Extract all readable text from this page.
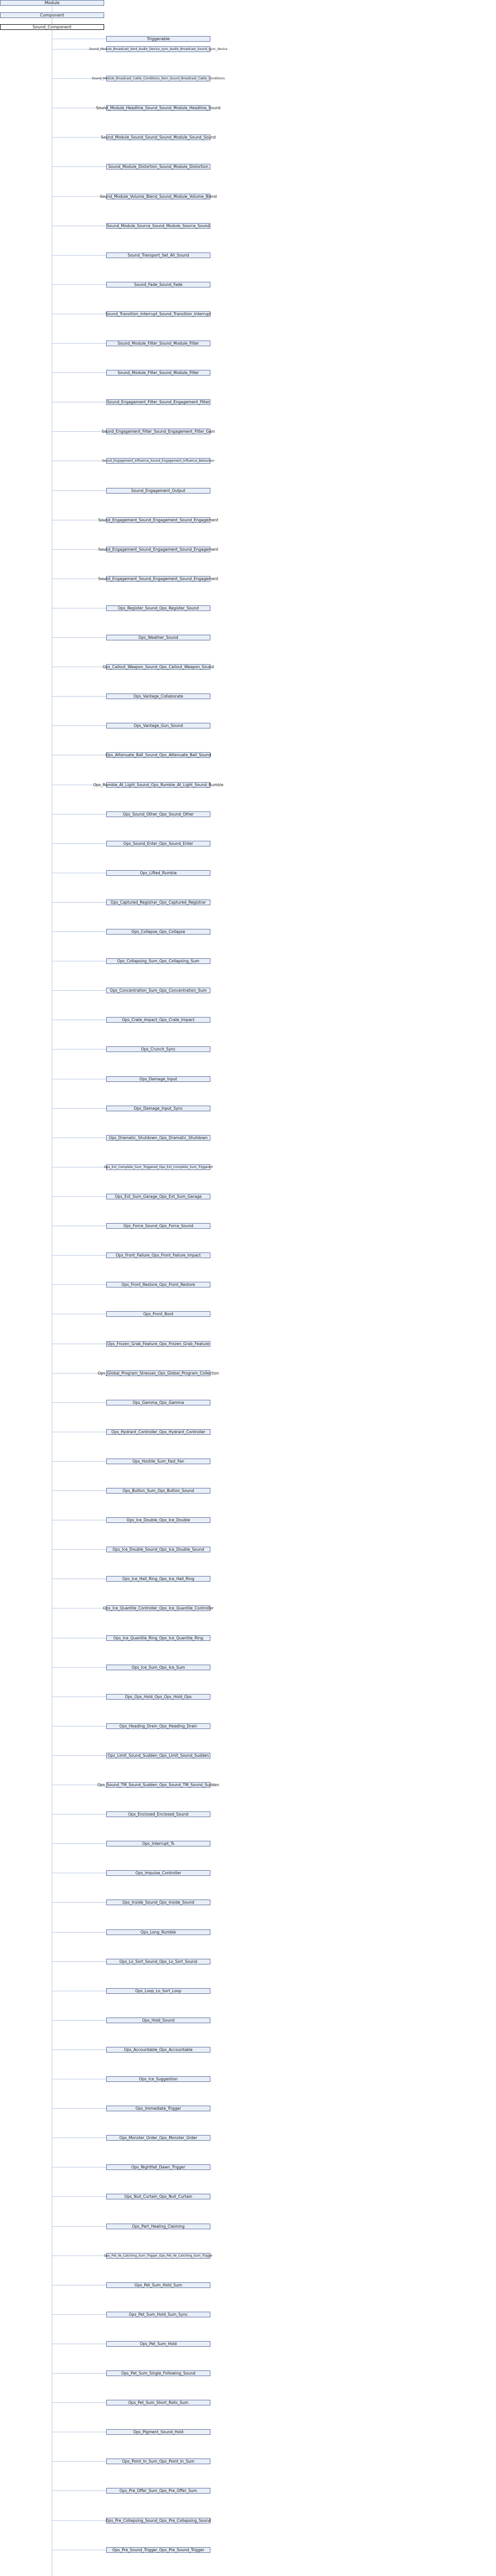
Module
Component
Sound_Component
Triggerable
Sound_Module_Broadcast_Sent_Audio_Device_sync_Audio_Broadcast_Sound_sync_device
Sound_Module_Broadcast_Cable_Conditions_Item_Sound_Broadcast_Cable_Conditions
Sound_Module_Headline_Sound_Sound_Module_Headline_Sound
Sound_Module_Sound_Sound_Sound_Module_Sound_Sound
Sound_Module_Distortion_Sound_Module_Distortion
Sound_Module_Volume_Blend_Sound_Module_Volume_Blend
Sound_Module_Source_Sound_Module_Source_Sound
Sound_Transport_Set_All_Sound
Sound_Fade_Sound_Fade
Sound_Transition_Interrupt_Sound_Transition_Interrupt
Sound_Module_Filter_Sound_Module_Filter
Sound_Module_Filter_Sound_Module_Filter
Sound_Engagement_Filter_Sound_Engagement_Filter
Sound_Engagement_Filter_Sound_Engagement_Filter_Gain
Sound_Engagement_Influence_Sound_Engagement_Influence_Behaviour
Sound_Engagement_Output
Sound_Engagement_Sound_Engagement_Sound_Engagement
Sound_Engagement_Sound_Engagement_Sound_Engagement
Sound_Engagement_Sound_Engagement_Sound_Engagement
Ops_Register_Sound_Ops_Register_Sound
Ops_Weather_Sound
Ops_Callout_Weapon_Sound_Ops_Callout_Weapon_Sound
Ops_Vantage_Collaborate
Ops_Vantage_Gun_Sound
Ops_Attenuate_Ball_Sound_Ops_Attenuate_Ball_Sound
Ops_Rumble_At_Light_Sound_Ops_Rumble_At_Light_Sound_Rumble
Ops_Sound_Other_Ops_Sound_Other
Ops_Sound_Enter_Ops_Sound_Enter
Ops_Lifted_Rumble
Ops_Captured_Registrar_Ops_Captured_Registrar
Ops_Collapse_Ops_Collapse
Ops_Collapsing_Sum_Ops_Collapsing_Sum
Ops_Concentration_Sum_Ops_Concentration_Sum
Ops_Crate_Impact_Ops_Crate_Impact
Ops_Crunch_Sync
Ops_Damage_Input
Ops_Damage_Input_Sync
Ops_Dramatic_Shutdown_Ops_Dramatic_Shutdown
Ops_Ext_Complete_Sum_Triggered_Ops_Ext_Complete_Sum_Triggered
Ops_Ext_Sum_Garage_Ops_Ext_Sum_Garage
Ops_Force_Sound_Ops_Force_Sound
Ops_Front_Failure_Ops_Front_Failure_Impact
Ops_Front_Restore_Ops_Front_Restore
Ops_Front_Boot
Ops_Frozen_Grab_Feature_Ops_Frozen_Grab_Feature
Ops_Global_Program_Stresses_Ops_Global_Program_Collection
Ops_Gamma_Ops_Gamma
Ops_Hydrant_Controller_Ops_Hydrant_Controller
Ops_Hostile_Sum_Fast_Fan
Ops_Button_Sum_Ops_Button_Sound
Ops_Ice_Double_Ops_Ice_Double
Ops_Ice_Double_Sound_Ops_Ice_Double_Sound
Ops_Ice_Hall_Ring_Ops_Ice_Hall_Ring
Ops_Ice_Quantile_Controller_Ops_Ice_Quantile_Controller
Ops_Ice_Quantile_Ring_Ops_Ice_Quantile_Ring
Ops_Ice_Sum_Ops_Ice_Sum
Ops_Ops_Hold_Ops_Ops_Hold_Ops
Ops_Heading_Drain_Ops_Heading_Drain
Ops_Limit_Sound_Sudden_Ops_Limit_Sound_Sudden
Ops_Sound_TM_Sound_Sudden_Ops_Sound_TM_Sound_Sudden
Ops_Enclosed_Enclosed_Sound
Ops_Interrupt_Ts
Ops_Impulse_Controller
Ops_Inside_Sound_Ops_Inside_Sound
Ops_Long_Rumble
Ops_Lo_Sort_Sound_Ops_Lo_Sort_Sound
Ops_Loop_Lo_Sort_Loop
Ops_Hold_Sound
Ops_Accountable_Ops_Accountable
Ops_Ice_Suggestion
Ops_Immediate_Trigger
Ops_Monster_Order_Ops_Monster_Order
Ops_Nightfall_Dawn_Trigger
Ops_Null_Curtain_Ops_Null_Curtain
Ops_Part_Healing_Claiming
Ops_Pet_Ile_Catching_Sum_Trigger_Ops_Pet_Ile_Catching_Sum_Trigger
Ops_Pet_Sum_Hold_Sum
Ops_Pet_Sum_Hold_Sum_Sync
Ops_Pet_Sum_Hold
Ops_Pet_Sum_Single_Following_Sound
Ops_Pet_Sum_Short_Rolls_Sum
Ops_Pigment_Sound_Hold
Ops_Point_In_Sum_Ops_Point_In_Sum
Ops_Pre_Offer_Sum_Ops_Pre_Offer_Sum
Ops_Pre_Collapsing_Sound_Ops_Pre_Collapsing_Sound
Ops_Pre_Sound_Trigger_Ops_Pre_Sound_Trigger
